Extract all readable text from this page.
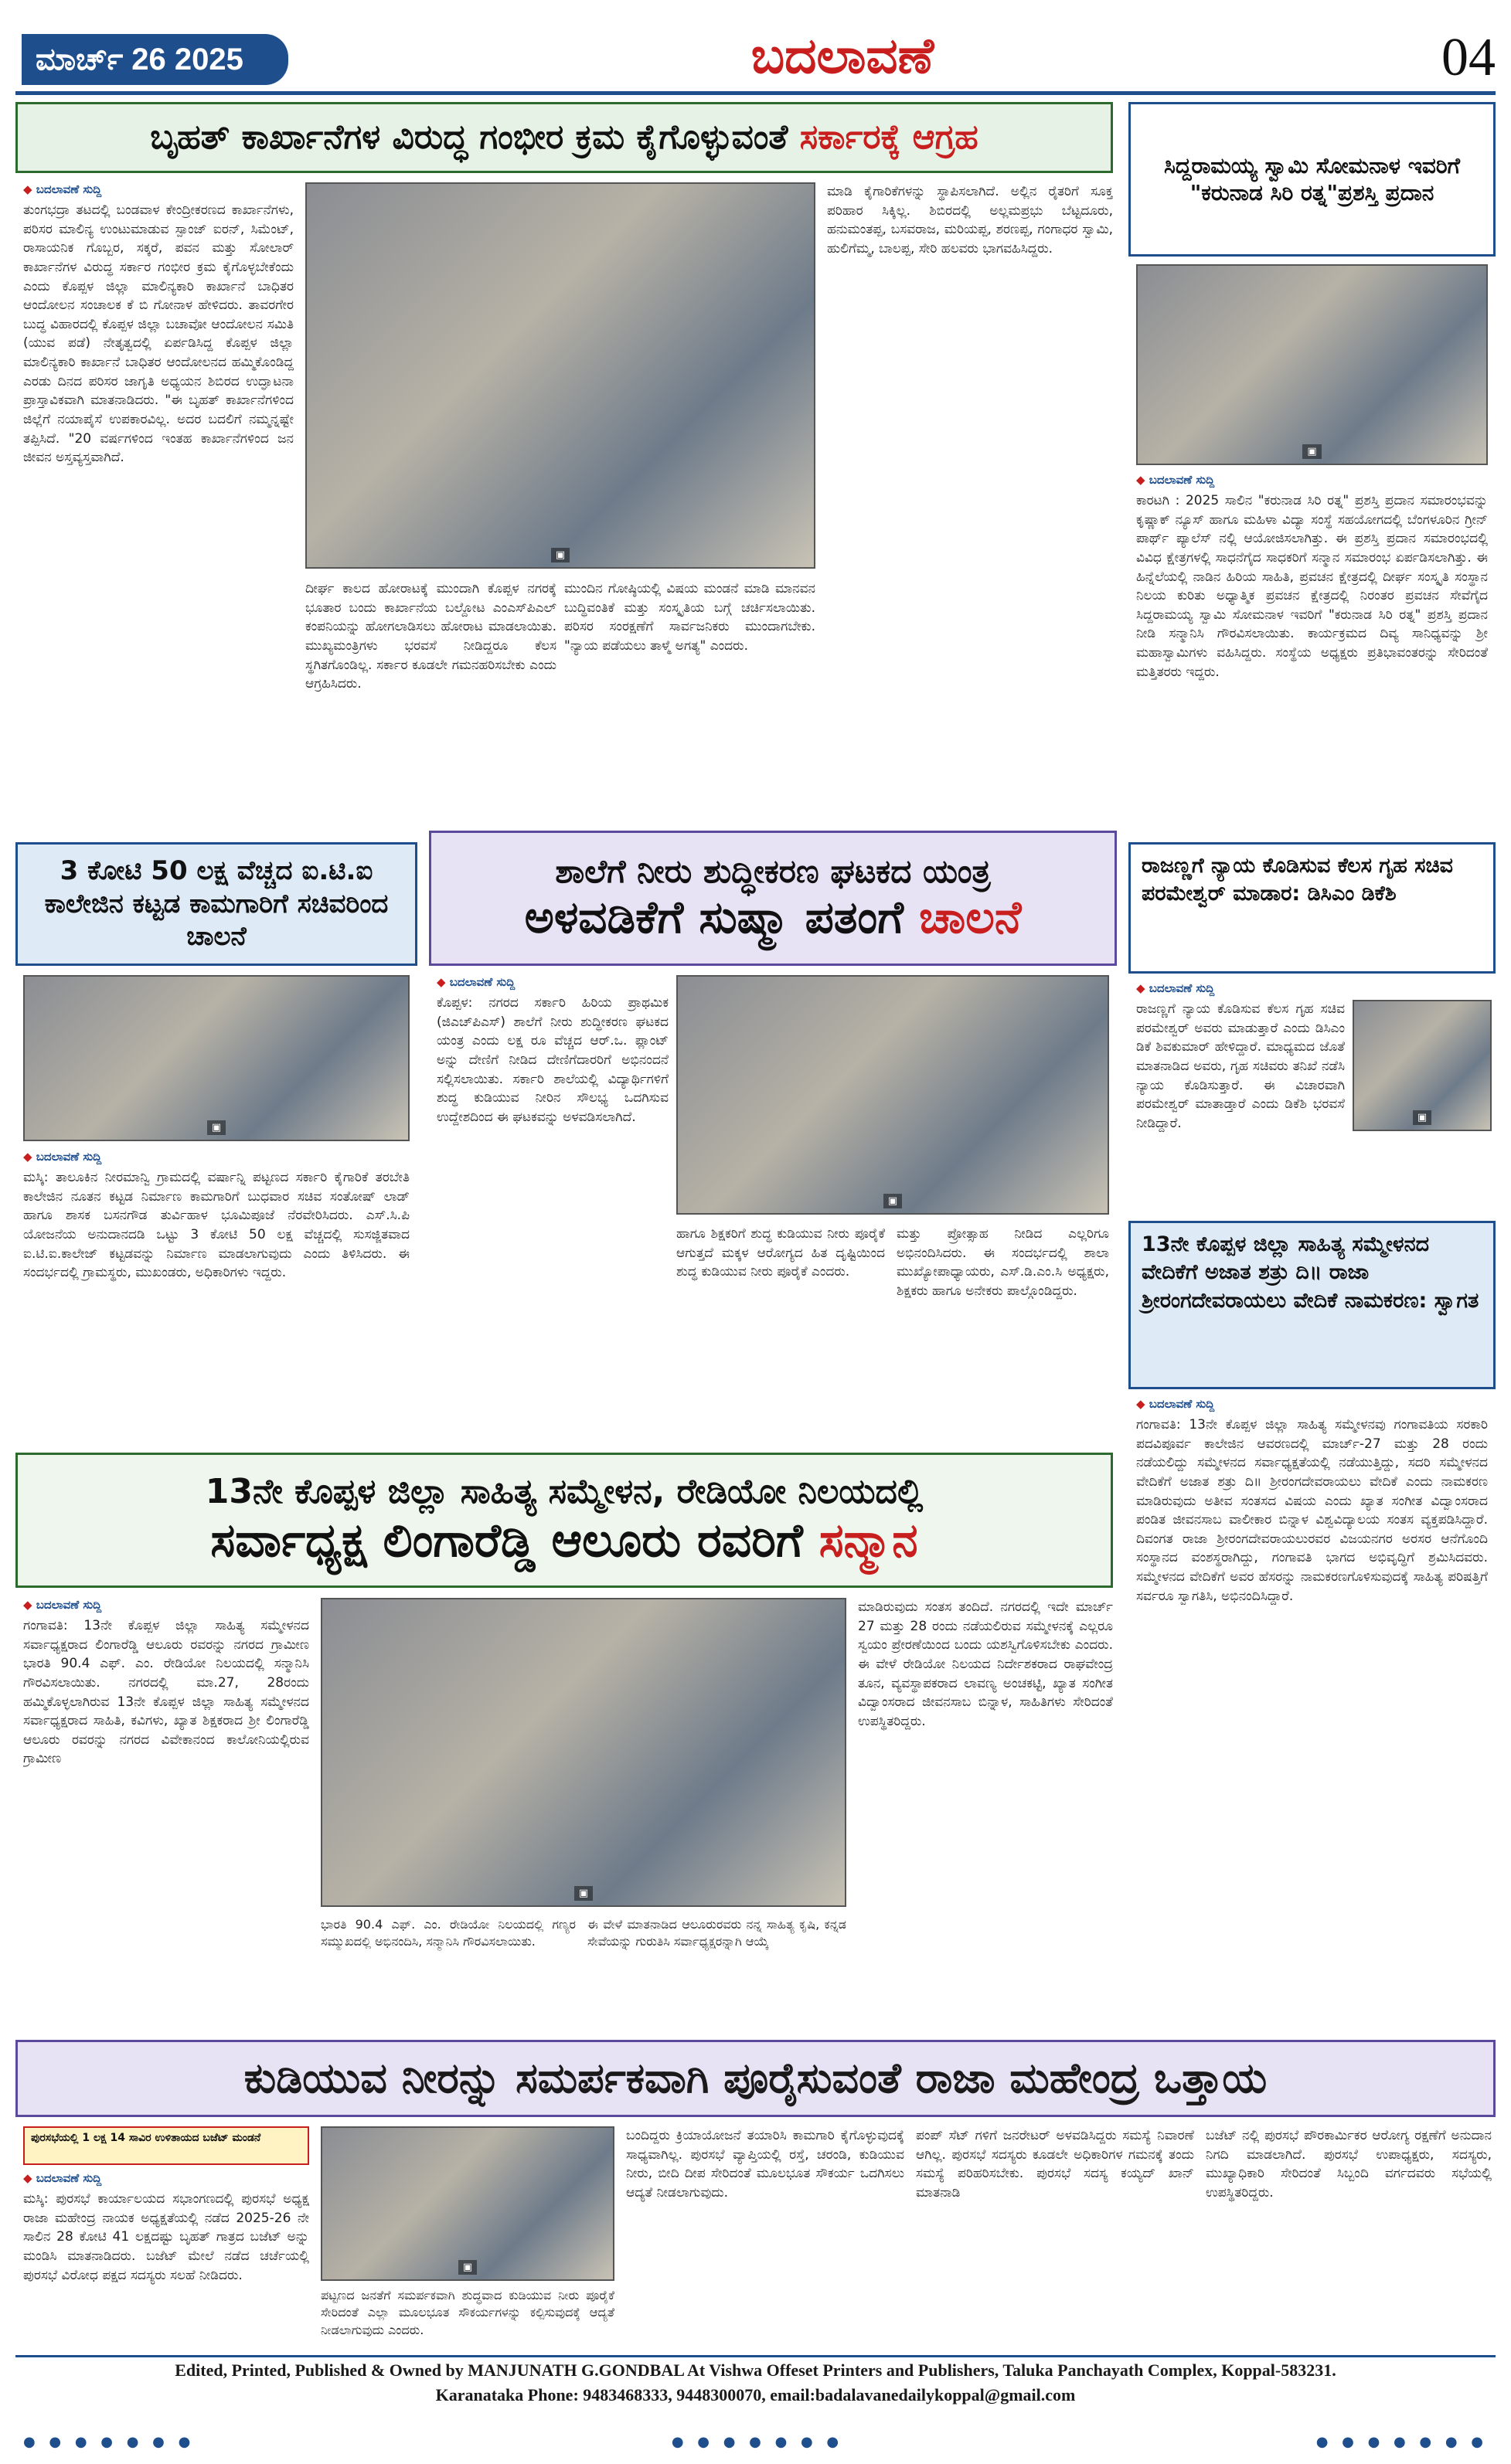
ಮಾರ್ಚ್ 26 2025	ಬದಲಾವಣೆ	04
ಬೃಹತ್ ಕಾರ್ಖಾನೆಗಳ ವಿರುದ್ಧ ಗಂಭೀರ ಕ್ರಮ ಕೈಗೊಳ್ಳುವಂತೆ
ಸರ್ಕಾರಕ್ಕೆ ಆಗ್ರಹ
◆ ಬದಲಾವಣೆ ಸುದ್ದಿ
ತುಂಗಭದ್ರಾ ತಟದಲ್ಲಿ ಬಂಡವಾಳ ಕೇಂದ್ರೀಕರಣದ ಕಾರ್ಖಾನೆಗಳು, ಪರಿಸರ ಮಾಲಿನ್ಯ ಉಂಟುಮಾಡುವ ಸ್ಪಾಂಜ್ ಐರನ್, ಸಿಮೆಂಟ್, ರಾಸಾಯನಿಕ ಗೊಬ್ಬರ, ಸಕ್ಕರೆ, ಪವನ ಮತ್ತು ಸೋಲಾರ್ ಕಾರ್ಖಾನೆಗಳ ವಿರುದ್ಧ ಸರ್ಕಾರ ಗಂಭೀರ ಕ್ರಮ ಕೈಗೊಳ್ಳಬೇಕೆಂದು ಎಂದು ಕೊಪ್ಪಳ ಜಿಲ್ಲಾ ಮಾಲಿನ್ಯಕಾರಿ ಕಾರ್ಖಾನೆ ಬಾಧಿತರ ಆಂದೋಲನ ಸಂಚಾಲಕ ಕೆ ಬಿ ಗೋನಾಳ ಹೇಳಿದರು. ತಾವರಗೇರ ಬುದ್ಧ ವಿಹಾರದಲ್ಲಿ ಕೊಪ್ಪಳ ಜಿಲ್ಲಾ ಬಚಾವೋ ಆಂದೋಲನ ಸಮಿತಿ (ಯುವ ಪಡೆ) ನೇತೃತ್ವದಲ್ಲಿ ಏರ್ಪಡಿಸಿದ್ದ ಕೊಪ್ಪಳ ಜಿಲ್ಲಾ ಮಾಲಿನ್ಯಕಾರಿ ಕಾರ್ಖಾನೆ ಬಾಧಿತರ ಆಂದೋಲನದ ಹಮ್ಮಿಕೊಂಡಿದ್ದ ಎರಡು ದಿನದ ಪರಿಸರ ಜಾಗೃತಿ ಅಧ್ಯಯನ ಶಿಬಿರದ ಉದ್ಘಾಟನಾ ಪ್ರಾಸ್ತಾವಿಕವಾಗಿ ಮಾತನಾಡಿದರು. "ಈ ಬೃಹತ್ ಕಾರ್ಖಾನೆಗಳಿಂದ ಜಿಲ್ಲೆಗೆ ನಯಾಪೈಸೆ ಉಪಕಾರವಿಲ್ಲ. ಅದರ ಬದಲಿಗೆ ನಮ್ಮನ್ನಷ್ಟೇ ತಪ್ಪಿಸಿದೆ. "20 ವರ್ಷಗಳಿಂದ ಇಂತಹ ಕಾರ್ಖಾನೆಗಳಿಂದ ಜನ ಜೀವನ ಅಸ್ತವ್ಯಸ್ತವಾಗಿದೆ.
▣
ದೀರ್ಘ ಕಾಲದ ಹೋರಾಟಕ್ಕೆ ಮುಂದಾಗಿ ಕೊಪ್ಪಳ ನಗರಕ್ಕೆ ಭೂತಾರ ಬಂದು ಕಾರ್ಖಾನೆಯ ಬಲ್ದೋಟ ಎಂಎಸ್‌ಪಿಎಲ್ ಕಂಪನಿಯನ್ನು ಹೋಗಲಾಡಿಸಲು ಹೋರಾಟ ಮಾಡಲಾಯಿತು. ಮುಖ್ಯಮಂತ್ರಿಗಳು ಭರವಸೆ ನೀಡಿದ್ದರೂ ಕೆಲಸ ಸ್ಥಗಿತಗೊಂಡಿಲ್ಲ. ಸರ್ಕಾರ ಕೂಡಲೇ ಗಮನಹರಿಸಬೇಕು ಎಂದು ಆಗ್ರಹಿಸಿದರು.
ಮುಂದಿನ ಗೋಷ್ಠಿಯಲ್ಲಿ ವಿಷಯ ಮಂಡನೆ ಮಾಡಿ ಮಾನವನ ಬುದ್ಧಿವಂತಿಕೆ ಮತ್ತು ಸಂಸ್ಕೃತಿಯ ಬಗ್ಗೆ ಚರ್ಚಿಸಲಾಯಿತು. ಪರಿಸರ ಸಂರಕ್ಷಣೆಗೆ ಸಾರ್ವಜನಿಕರು ಮುಂದಾಗಬೇಕು. "ನ್ಯಾಯ ಪಡೆಯಲು ತಾಳ್ಮೆ ಅಗತ್ಯ" ಎಂದರು.
ಮಾಡಿ ಕೈಗಾರಿಕೆಗಳನ್ನು ಸ್ಥಾಪಿಸಲಾಗಿದೆ. ಅಲ್ಲಿನ ರೈತರಿಗೆ ಸೂಕ್ತ ಪರಿಹಾರ ಸಿಕ್ಕಿಲ್ಲ. ಶಿಬಿರದಲ್ಲಿ ಅಲ್ಲಮಪ್ರಭು ಬೆಟ್ಟದೂರು, ಹನುಮಂತಪ್ಪ, ಬಸವರಾಜ, ಮರಿಯಪ್ಪ, ಶರಣಪ್ಪ, ಗಂಗಾಧರ ಸ್ವಾಮಿ, ಹುಲಿಗೆಮ್ಮ, ಬಾಲಪ್ಪ, ಸೇರಿ ಹಲವರು ಭಾಗವಹಿಸಿದ್ದರು.
ಸಿದ್ದರಾಮಯ್ಯ ಸ್ವಾಮಿ ಸೋಮನಾಳ ಇವರಿಗೆ "ಕರುನಾಡ ಸಿರಿ ರತ್ನ"ಪ್ರಶಸ್ತಿ ಪ್ರದಾನ
▣
◆ ಬದಲಾವಣೆ ಸುದ್ದಿ
ಕಾರಟಗಿ : 2025 ಸಾಲಿನ "ಕರುನಾಡ ಸಿರಿ ರತ್ನ" ಪ್ರಶಸ್ತಿ ಪ್ರದಾನ ಸಮಾರಂಭವನ್ನು ಕೃಷ್ಣಾಕ್ ನ್ಯೂಸ್ ಹಾಗೂ ಮಹಿಳಾ ವಿದ್ಯಾ ಸಂಸ್ಥೆ ಸಹಯೋಗದಲ್ಲಿ ಬೆಂಗಳೂರಿನ ಗ್ರೀನ್ ಪಾರ್ಥ್ ಪ್ಯಾಲೆಸ್ ನಲ್ಲಿ ಆಯೋಜಿಸಲಾಗಿತ್ತು. ಈ ಪ್ರಶಸ್ತಿ ಪ್ರದಾನ ಸಮಾರಂಭದಲ್ಲಿ ವಿವಿಧ ಕ್ಷೇತ್ರಗಳಲ್ಲಿ ಸಾಧನೆಗೈದ ಸಾಧಕರಿಗೆ ಸನ್ಮಾನ ಸಮಾರಂಭ ಏರ್ಪಡಿಸಲಾಗಿತ್ತು. ಈ ಹಿನ್ನೆಲೆಯಲ್ಲಿ ನಾಡಿನ ಹಿರಿಯ ಸಾಹಿತಿ, ಪ್ರವಚನ ಕ್ಷೇತ್ರದಲ್ಲಿ ದೀರ್ಘ ಸಂಸ್ಕೃತಿ ಸಂಸ್ಥಾನ ನಿಲಯ ಕುರಿತು ಅಧ್ಯಾತ್ಮಿಕ ಪ್ರವಚನ ಕ್ಷೇತ್ರದಲ್ಲಿ ನಿರಂತರ ಪ್ರವಚನ ಸೇವೆಗೈದ ಸಿದ್ದರಾಮಯ್ಯ ಸ್ವಾಮಿ ಸೋಮನಾಳ ಇವರಿಗೆ "ಕರುನಾಡ ಸಿರಿ ರತ್ನ" ಪ್ರಶಸ್ತಿ ಪ್ರದಾನ ನೀಡಿ ಸನ್ಮಾನಿಸಿ ಗೌರವಿಸಲಾಯಿತು. ಕಾರ್ಯಕ್ರಮದ ದಿವ್ಯ ಸಾನಿಧ್ಯವನ್ನು ಶ್ರೀ ಮಹಾಸ್ವಾಮಿಗಳು ವಹಿಸಿದ್ದರು. ಸಂಸ್ಥೆಯ ಅಧ್ಯಕ್ಷರು ಪ್ರತಿಭಾವಂತರನ್ನು ಸೇರಿದಂತೆ ಮತ್ತಿತರರು ಇದ್ದರು.
3 ಕೋಟಿ 50 ಲಕ್ಷ ವೆಚ್ಚದ ಐ.ಟಿ.ಐ ಕಾಲೇಜಿನ ಕಟ್ಟಡ ಕಾಮಗಾರಿಗೆ ಸಚಿವರಿಂದ ಚಾಲನೆ
▣
◆ ಬದಲಾವಣೆ ಸುದ್ದಿ
ಮಸ್ಕಿ: ತಾಲೂಕಿನ ನೀರಮಾನ್ವಿ ಗ್ರಾಮದಲ್ಲಿ ವರ್ಷಾನ್ನಿ ಪಟ್ಟಣದ ಸರ್ಕಾರಿ ಕೈಗಾರಿಕೆ ತರಬೇತಿ ಕಾಲೇಜಿನ ನೂತನ ಕಟ್ಟಡ ನಿರ್ಮಾಣ ಕಾಮಗಾರಿಗೆ ಬುಧವಾರ ಸಚಿವ ಸಂತೋಷ್ ಲಾಡ್ ಹಾಗೂ ಶಾಸಕ ಬಸನಗೌಡ ತುರ್ವಿಹಾಳ ಭೂಮಿಪೂಜೆ ನೆರವೇರಿಸಿದರು. ಎಸ್.ಸಿ.ಪಿ ಯೋಜನೆಯ ಅನುದಾನದಡಿ ಒಟ್ಟು 3 ಕೋಟಿ 50 ಲಕ್ಷ ವೆಚ್ಚದಲ್ಲಿ ಸುಸಜ್ಜಿತವಾದ ಐ.ಟಿ.ಐ.ಕಾಲೇಜ್ ಕಟ್ಟಡವನ್ನು ನಿರ್ಮಾಣ ಮಾಡಲಾಗುವುದು ಎಂದು ತಿಳಿಸಿದರು. ಈ ಸಂದರ್ಭದಲ್ಲಿ ಗ್ರಾಮಸ್ಥರು, ಮುಖಂಡರು, ಅಧಿಕಾರಿಗಳು ಇದ್ದರು.
ಶಾಲೆಗೆ ನೀರು ಶುದ್ಧೀಕರಣ ಘಟಕದ ಯಂತ್ರ
ಅಳವಡಿಕೆಗೆ ಸುಷ್ಮಾ ಪತಂಗೆ ಚಾಲನೆ
◆ ಬದಲಾವಣೆ ಸುದ್ದಿ
ಕೊಪ್ಪಳ: ನಗರದ ಸರ್ಕಾರಿ ಹಿರಿಯ ಪ್ರಾಥಮಿಕ (ಜಿಎಚ್‌ಪಿಎಸ್) ಶಾಲೆಗೆ ನೀರು ಶುದ್ಧೀಕರಣ ಘಟಕದ ಯಂತ್ರ ಎಂದು ಲಕ್ಷ ರೂ ವೆಚ್ಚದ ಆರ್.ಒ. ಪ್ಲಾಂಟ್ ಅನ್ನು ದೇಣಿಗೆ ನೀಡಿದ ದೇಣಿಗೆದಾರರಿಗೆ ಅಭಿನಂದನೆ ಸಲ್ಲಿಸಲಾಯಿತು. ಸರ್ಕಾರಿ ಶಾಲೆಯಲ್ಲಿ ವಿದ್ಯಾರ್ಥಿಗಳಿಗೆ ಶುದ್ಧ ಕುಡಿಯುವ ನೀರಿನ ಸೌಲಭ್ಯ ಒದಗಿಸುವ ಉದ್ದೇಶದಿಂದ ಈ ಘಟಕವನ್ನು ಅಳವಡಿಸಲಾಗಿದೆ.
▣
ಹಾಗೂ ಶಿಕ್ಷಕರಿಗೆ ಶುದ್ಧ ಕುಡಿಯುವ ನೀರು ಪೂರೈಕೆ ಆಗುತ್ತದೆ ಮಕ್ಕಳ ಆರೋಗ್ಯದ ಹಿತ ದೃಷ್ಟಿಯಿಂದ ಶುದ್ಧ ಕುಡಿಯುವ ನೀರು ಪೂರೈಕೆ ಎಂದರು.
ಮತ್ತು ಪ್ರೋತ್ಸಾಹ ನೀಡಿದ ಎಲ್ಲರಿಗೂ ಅಭಿನಂದಿಸಿದರು. ಈ ಸಂದರ್ಭದಲ್ಲಿ ಶಾಲಾ ಮುಖ್ಯೋಪಾಧ್ಯಾಯರು, ಎಸ್.ಡಿ.ಎಂ.ಸಿ ಅಧ್ಯಕ್ಷರು, ಶಿಕ್ಷಕರು ಹಾಗೂ ಅನೇಕರು ಪಾಲ್ಗೊಂಡಿದ್ದರು.
ರಾಜಣ್ಣಗೆ ನ್ಯಾಯ ಕೊಡಿಸುವ ಕೆಲಸ ಗೃಹ ಸಚಿವ ಪರಮೇಶ್ವರ್ ಮಾಡಾರ: ಡಿಸಿಎಂ ಡಿಕೆಶಿ
◆ ಬದಲಾವಣೆ ಸುದ್ದಿ
ರಾಜಣ್ಣಗೆ ನ್ಯಾಯ ಕೊಡಿಸುವ ಕೆಲಸ ಗೃಹ ಸಚಿವ ಪರಮೇಶ್ವರ್ ಅವರು ಮಾಡುತ್ತಾರೆ ಎಂದು ಡಿಸಿಎಂ ಡಿಕೆ ಶಿವಕುಮಾರ್ ಹೇಳಿದ್ದಾರೆ. ಮಾಧ್ಯಮದ ಜೊತೆ ಮಾತನಾಡಿದ ಅವರು, ಗೃಹ ಸಚಿವರು ತನಿಖೆ ನಡೆಸಿ ನ್ಯಾಯ ಕೊಡಿಸುತ್ತಾರೆ. ಈ ವಿಚಾರವಾಗಿ ಪರಮೇಶ್ವರ್ ಮಾತಾಡ್ತಾರೆ ಎಂದು ಡಿಕೆಶಿ ಭರವಸೆ ನೀಡಿದ್ದಾರೆ.	▣
13ನೇ ಕೊಪ್ಪಳ ಜಿಲ್ಲಾ ಸಾಹಿತ್ಯ ಸಮ್ಮೇಳನದ ವೇದಿಕೆಗೆ ಅಜಾತ ಶತ್ರು ದಿ॥ ರಾಜಾ ಶ್ರೀರಂಗದೇವರಾಯಲು ವೇದಿಕೆ ನಾಮಕರಣ: ಸ್ವಾಗತ
◆ ಬದಲಾವಣೆ ಸುದ್ದಿ
ಗಂಗಾವತಿ: 13ನೇ ಕೊಪ್ಪಳ ಜಿಲ್ಲಾ ಸಾಹಿತ್ಯ ಸಮ್ಮೇಳನವು ಗಂಗಾವತಿಯ ಸರಕಾರಿ ಪದವಿಪೂರ್ವ ಕಾಲೇಜಿನ ಆವರಣದಲ್ಲಿ ಮಾರ್ಚ್-27 ಮತ್ತು 28 ರಂದು ನಡೆಯಲಿದ್ದು ಸಮ್ಮೇಳನದ ಸರ್ವಾಧ್ಯಕ್ಷತೆಯಲ್ಲಿ ನಡೆಯುತ್ತಿದ್ದು, ಸದರಿ ಸಮ್ಮೇಳನದ ವೇದಿಕೆಗೆ ಅಜಾತ ಶತ್ರು ದಿ॥ ಶ್ರೀರಂಗದೇವರಾಯಲು ವೇದಿಕೆ ಎಂದು ನಾಮಕರಣ ಮಾಡಿರುವುದು ಅತೀವ ಸಂತಸದ ವಿಷಯ ಎಂದು ಖ್ಯಾತ ಸಂಗೀತ ವಿದ್ವಾಂಸರಾದ ಪಂಡಿತ ಜೀವನಸಾಬ ವಾಲೀಕಾರ ಬಿನ್ನಾಳ ವಿಶ್ವವಿದ್ಯಾಲಯ ಸಂತಸ ವ್ಯಕ್ತಪಡಿಸಿದ್ದಾರೆ. ದಿವಂಗತ ರಾಜಾ ಶ್ರೀರಂಗದೇವರಾಯಲುರವರ ವಿಜಯನಗರ ಅರಸರ ಆನೆಗೊಂದಿ ಸಂಸ್ಥಾನದ ವಂಶಸ್ಥರಾಗಿದ್ದು, ಗಂಗಾವತಿ ಭಾಗದ ಅಭಿವೃದ್ಧಿಗೆ ಶ್ರಮಿಸಿದವರು. ಸಮ್ಮೇಳನದ ವೇದಿಕೆಗೆ ಅವರ ಹೆಸರನ್ನು ನಾಮಕರಣಗೊಳಿಸುವುದಕ್ಕೆ ಸಾಹಿತ್ಯ ಪರಿಷತ್ತಿಗೆ ಸರ್ವರೂ ಸ್ವಾಗತಿಸಿ, ಅಭಿನಂದಿಸಿದ್ದಾರೆ.
13ನೇ ಕೊಪ್ಪಳ ಜಿಲ್ಲಾ ಸಾಹಿತ್ಯ ಸಮ್ಮೇಳನ, ರೇಡಿಯೋ ನಿಲಯದಲ್ಲಿ
ಸರ್ವಾಧ್ಯಕ್ಷ ಲಿಂಗಾರೆಡ್ಡಿ ಆಲೂರು ರವರಿಗೆ ಸನ್ಮಾನ
◆ ಬದಲಾವಣೆ ಸುದ್ದಿ
ಗಂಗಾವತಿ: 13ನೇ ಕೊಪ್ಪಳ ಜಿಲ್ಲಾ ಸಾಹಿತ್ಯ ಸಮ್ಮೇಳನದ ಸರ್ವಾಧ್ಯಕ್ಷರಾದ ಲಿಂಗಾರೆಡ್ಡಿ ಆಲೂರು ರವರನ್ನು ನಗರದ ಗ್ರಾಮೀಣ ಭಾರತಿ 90.4 ಎಫ್. ಎಂ. ರೇಡಿಯೋ ನಿಲಯದಲ್ಲಿ ಸನ್ಮಾನಿಸಿ ಗೌರವಿಸಲಾಯಿತು. ನಗರದಲ್ಲಿ ಮಾ.27, 28ರಂದು ಹಮ್ಮಿಕೊಳ್ಳಲಾಗಿರುವ 13ನೇ ಕೊಪ್ಪಳ ಜಿಲ್ಲಾ ಸಾಹಿತ್ಯ ಸಮ್ಮೇಳನದ ಸರ್ವಾಧ್ಯಕ್ಷರಾದ ಸಾಹಿತಿ, ಕವಿಗಳು, ಖ್ಯಾತ ಶಿಕ್ಷಕರಾದ ಶ್ರೀ ಲಿಂಗಾರೆಡ್ಡಿ ಆಲೂರು ರವರನ್ನು ನಗರದ ವಿವೇಕಾನಂದ ಕಾಲೋನಿಯಲ್ಲಿರುವ ಗ್ರಾಮೀಣ
▣
ಭಾರತಿ 90.4 ಎಫ್. ಎಂ. ರೇಡಿಯೋ ನಿಲಯದಲ್ಲಿ ಗಣ್ಯರ ಸಮ್ಮುಖದಲ್ಲಿ ಅಭಿನಂದಿಸಿ, ಸನ್ಮಾನಿಸಿ ಗೌರವಿಸಲಾಯಿತು.
ಈ ವೇಳೆ ಮಾತನಾಡಿದ ಆಲೂರುರವರು ನನ್ನ ಸಾಹಿತ್ಯ ಕೃಷಿ, ಕನ್ನಡ ಸೇವೆಯನ್ನು ಗುರುತಿಸಿ ಸರ್ವಾಧ್ಯಕ್ಷರನ್ನಾಗಿ ಆಯ್ಕೆ
ಮಾಡಿರುವುದು ಸಂತಸ ತಂದಿದೆ. ನಗರದಲ್ಲಿ ಇದೇ ಮಾರ್ಚ್ 27 ಮತ್ತು 28 ರಂದು ನಡೆಯಲಿರುವ ಸಮ್ಮೇಳನಕ್ಕೆ ಎಲ್ಲರೂ ಸ್ವಯಂ ಪ್ರೇರಣೆಯಿಂದ ಬಂದು ಯಶಸ್ವಿಗೊಳಿಸಬೇಕು ಎಂದರು. ಈ ವೇಳೆ ರೇಡಿಯೋ ನಿಲಯದ ನಿರ್ದೇಶಕರಾದ ರಾಘವೇಂದ್ರ ತೂನ, ವ್ಯವಸ್ಥಾಪಕರಾದ ಲಾವಣ್ಯ ಅಂಚಕಟ್ಟಿ, ಖ್ಯಾತ ಸಂಗೀತ ವಿದ್ವಾಂಸರಾದ ಜೀವನಸಾಬ ಬಿನ್ನಾಳ, ಸಾಹಿತಿಗಳು ಸೇರಿದಂತೆ ಉಪಸ್ಥಿತರಿದ್ದರು.
ಕುಡಿಯುವ ನೀರನ್ನು ಸಮರ್ಪಕವಾಗಿ ಪೂರೈಸುವಂತೆ ರಾಜಾ ಮಹೇಂದ್ರ ಒತ್ತಾಯ
ಪುರಸಭೆಯಲ್ಲಿ 1 ಲಕ್ಷ 14 ಸಾವಿರ ಉಳಿತಾಯದ ಬಜೆಟ್ ಮಂಡನೆ
◆ ಬದಲಾವಣೆ ಸುದ್ದಿ
ಮಸ್ಕಿ: ಪುರಸಭೆ ಕಾರ್ಯಾಲಯದ ಸಭಾಂಗಣದಲ್ಲಿ ಪುರಸಭೆ ಅಧ್ಯಕ್ಷ ರಾಜಾ ಮಹೇಂದ್ರ ನಾಯಕ ಅಧ್ಯಕ್ಷತೆಯಲ್ಲಿ ನಡೆದ 2025-26 ನೇ ಸಾಲಿನ 28 ಕೋಟಿ 41 ಲಕ್ಷದಷ್ಟು ಬೃಹತ್ ಗಾತ್ರದ ಬಜೆಟ್ ಅನ್ನು ಮಂಡಿಸಿ ಮಾತನಾಡಿದರು. ಬಜೆಟ್ ಮೇಲೆ ನಡೆದ ಚರ್ಚೆಯಲ್ಲಿ ಪುರಸಭೆ ವಿರೋಧ ಪಕ್ಷದ ಸದಸ್ಯರು ಸಲಹೆ ನೀಡಿದರು.
▣
ಪಟ್ಟಣದ ಜನತೆಗೆ ಸಮರ್ಪಕವಾಗಿ ಶುದ್ಧವಾದ ಕುಡಿಯುವ ನೀರು ಪೂರೈಕೆ ಸೇರಿದಂತೆ ಎಲ್ಲಾ ಮೂಲಭೂತ ಸೌಕರ್ಯಗಳನ್ನು ಕಲ್ಪಿಸುವುದಕ್ಕೆ ಆದ್ಯತೆ ನೀಡಲಾಗುವುದು ಎಂದರು.
ಬಂದಿದ್ದರು ಕ್ರಿಯಾಯೋಜನೆ ತಯಾರಿಸಿ ಕಾಮಗಾರಿ ಕೈಗೊಳ್ಳುವುದಕ್ಕೆ ಸಾಧ್ಯವಾಗಿಲ್ಲ. ಪುರಸಭೆ ವ್ಯಾಪ್ತಿಯಲ್ಲಿ ರಸ್ತೆ, ಚರಂಡಿ, ಕುಡಿಯುವ ನೀರು, ಬೀದಿ ದೀಪ ಸೇರಿದಂತೆ ಮೂಲಭೂತ ಸೌಕರ್ಯ ಒದಗಿಸಲು ಆದ್ಯತೆ ನೀಡಲಾಗುವುದು.
ಪಂಪ್ ಸೆಟ್ ಗಳಿಗೆ ಜನರೇಟರ್ ಅಳವಡಿಸಿದ್ದರು ಸಮಸ್ಯೆ ನಿವಾರಣೆ ಆಗಿಲ್ಲ. ಪುರಸಭೆ ಸದಸ್ಯರು ಕೂಡಲೇ ಅಧಿಕಾರಿಗಳ ಗಮನಕ್ಕೆ ತಂದು ಸಮಸ್ಯೆ ಪರಿಹರಿಸಬೇಕು. ಪುರಸಭೆ ಸದಸ್ಯ ಕಯ್ಯದ್ ಖಾನ್ ಮಾತನಾಡಿ
ಬಜೆಟ್ ನಲ್ಲಿ ಪುರಸಭೆ ಪೌರಕಾರ್ಮಿಕರ ಆರೋಗ್ಯ ರಕ್ಷಣೆಗೆ ಅನುದಾನ ನಿಗದಿ ಮಾಡಲಾಗಿದೆ. ಪುರಸಭೆ ಉಪಾಧ್ಯಕ್ಷರು, ಸದಸ್ಯರು, ಮುಖ್ಯಾಧಿಕಾರಿ ಸೇರಿದಂತೆ ಸಿಬ್ಬಂದಿ ವರ್ಗದವರು ಸಭೆಯಲ್ಲಿ ಉಪಸ್ಥಿತರಿದ್ದರು.
Edited, Printed, Published & Owned by MANJUNATH G.GONDBAL At Vishwa Offeset Printers and Publishers, Taluka Panchayath Complex, Koppal-583231.
Karanataka Phone: 9483468333, 9448300070, email:badalavanedailykoppal@gmail.com
● ● ● ● ● ● ●	● ● ● ● ● ● ●	● ● ● ● ● ● ●
